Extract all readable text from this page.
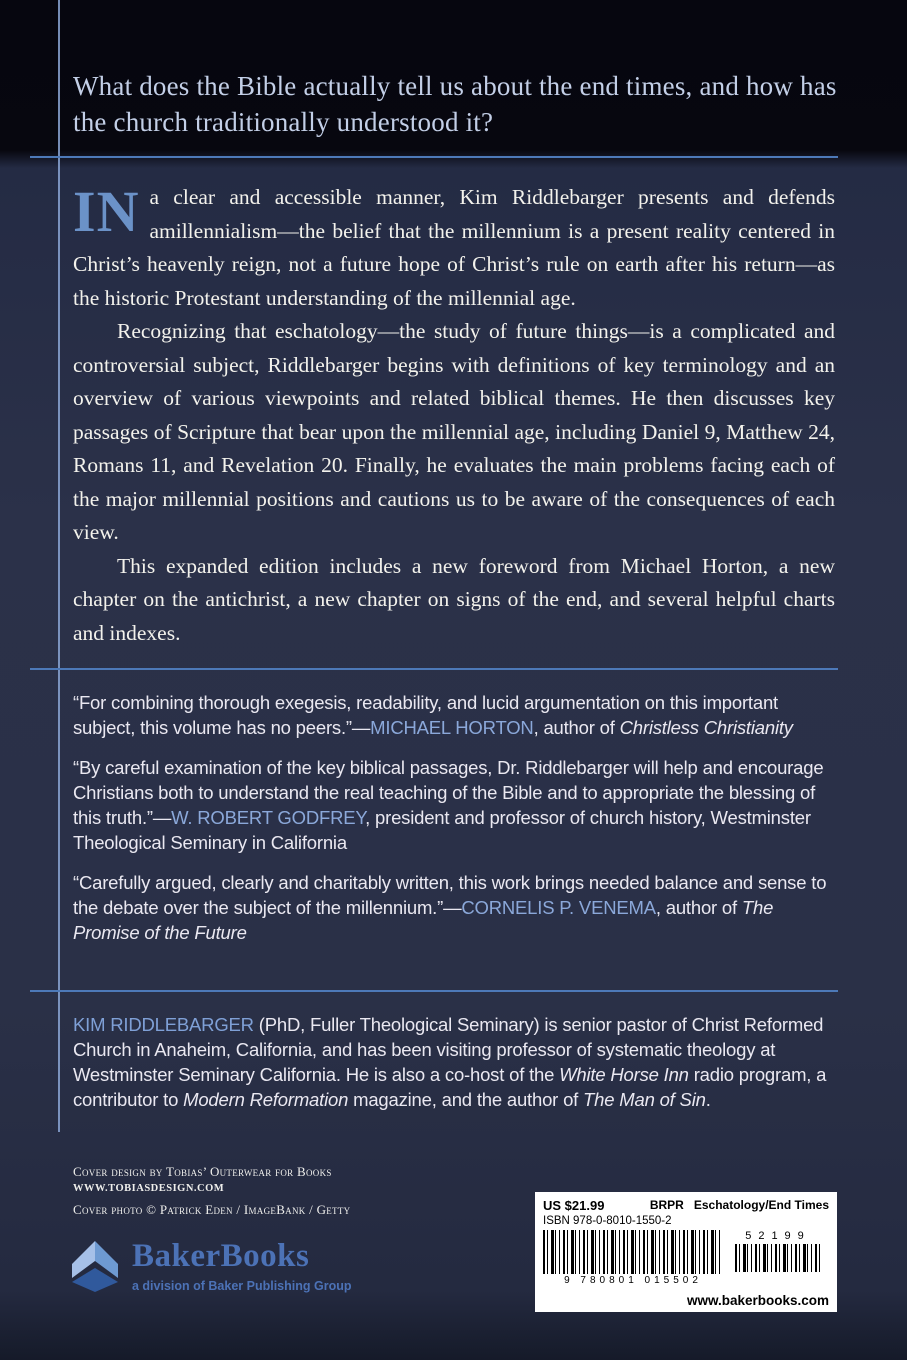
What does the Bible actually tell us about the end times, and how has the church traditionally understood it?

IN a clear and accessible manner, Kim Riddlebarger presents and defends amillennialism—the belief that the millennium is a present reality centered in Christ’s heavenly reign, not a future hope of Christ’s rule on earth after his return—as the historic Protestant understanding of the millennial age.

Recognizing that eschatology—the study of future things—is a complicated and controversial subject, Riddlebarger begins with definitions of key terminology and an overview of various viewpoints and related biblical themes. He then discusses key passages of Scripture that bear upon the millennial age, including Daniel 9, Matthew 24, Romans 11, and Revelation 20. Finally, he evaluates the main problems facing each of the major millennial positions and cautions us to be aware of the consequences of each view.

This expanded edition includes a new foreword from Michael Horton, a new chapter on the antichrist, a new chapter on signs of the end, and several helpful charts and indexes.

“For combining thorough exegesis, readability, and lucid argumentation on this important subject, this volume has no peers.”—MICHAEL HORTON, author of Christless Christianity

“By careful examination of the key biblical passages, Dr. Riddlebarger will help and encourage Christians both to understand the real teaching of the Bible and to appropriate the blessing of this truth.”—W. ROBERT GODFREY, president and professor of church history, Westminster Theological Seminary in California

“Carefully argued, clearly and charitably written, this work brings needed balance and sense to the debate over the subject of the millennium.”—CORNELIS P. VENEMA, author of The Promise of the Future

KIM RIDDLEBARGER (PhD, Fuller Theological Seminary) is senior pastor of Christ Reformed Church in Anaheim, California, and has been visiting professor of systematic theology at Westminster Seminary California. He is also a co-host of the White Horse Inn radio program, a contributor to Modern Reformation magazine, and the author of The Man of Sin.

Cover design by Tobias’ Outerwear for Books

WWW.TOBIASDESIGN.COM

Cover photo © Patrick Eden / ImageBank / Getty

BakerBooks
a division of Baker Publishing Group
US $21.99	BRPR Eschatology/End Times
ISBN 978-0-8010-1550-2
52199
9 780801 015502
www.bakerbooks.com
